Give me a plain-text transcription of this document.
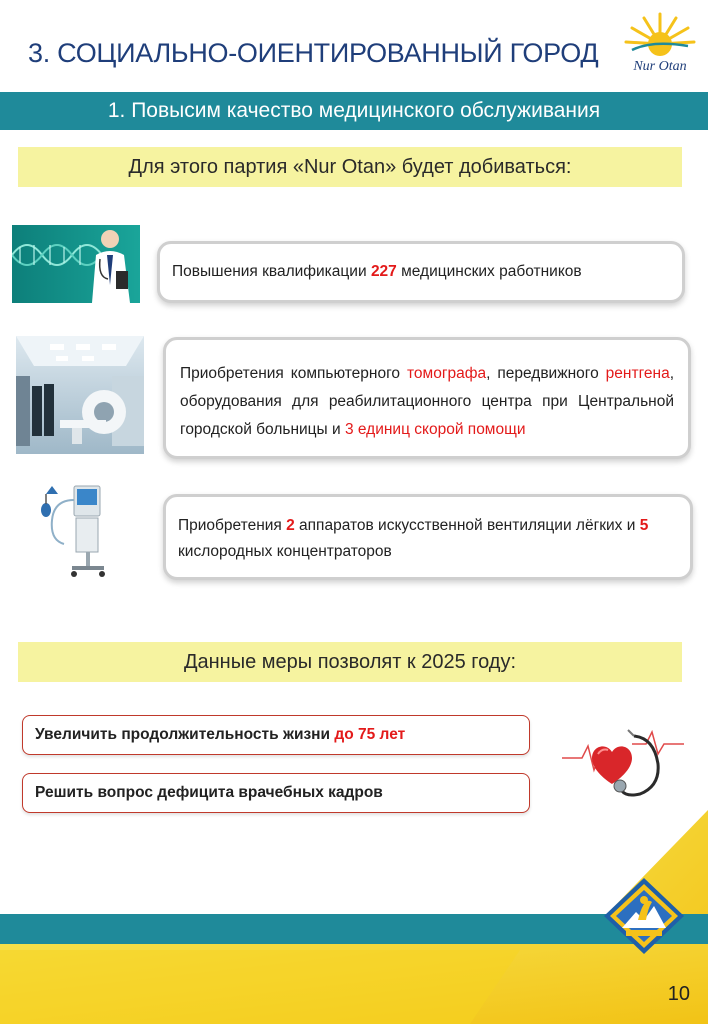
3. СОЦИАЛЬНО-ОИЕНТИРОВАННЫЙ ГОРОД	Nur Otan
1. Повысим качество медицинского обслуживания
Для этого партия «Nur Otan» будет добиваться:
Повышения квалификации 227 медицинских работников
Приобретения компьютерного томографа, передвижного рентгена, оборудования для реабилитационного центра при Центральной городской больницы и 3 единиц скорой помощи
Приобретения 2 аппаратов искусственной вентиляции лёгких и 5 кислородных концентраторов
Данные меры позволят к 2025 году:
Увеличить продолжительность жизни до 75 лет
Решить вопрос дефицита врачебных кадров
10
